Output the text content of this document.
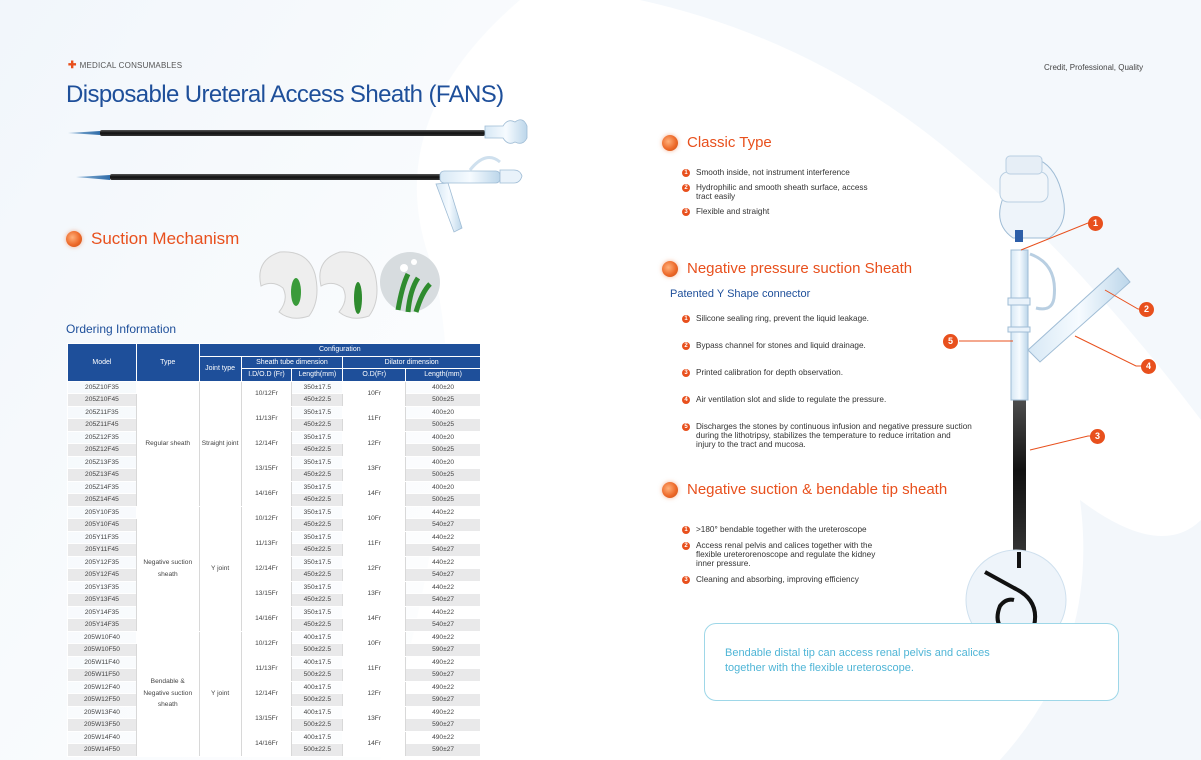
✚ MEDICAL CONSUMABLES
Disposable Ureteral Access Sheath (FANS)
Credit, Professional, Quality
Suction Mechanism
Ordering Information
Model	Type	Configuration				
		Joint type	Sheath tube dimension		Dilator dimension	
			I.D/O.D (Fr)	Length(mm)	O.D(Fr)	Length(mm)
205Z10F35	Regular sheath	Straight joint	10/12Fr	350±17.5	10Fr	400±20
205Z10F45				450±22.5		500±25
205Z11F35			11/13Fr	350±17.5	11Fr	400±20
205Z11F45				450±22.5		500±25
205Z12F35			12/14Fr	350±17.5	12Fr	400±20
205Z12F45				450±22.5		500±25
205Z13F35			13/15Fr	350±17.5	13Fr	400±20
205Z13F45				450±22.5		500±25
205Z14F35			14/16Fr	350±17.5	14Fr	400±20
205Z14F45				450±22.5		500±25
205Y10F35	Negative suction sheath	Y joint	10/12Fr	350±17.5	10Fr	440±22
205Y10F45				450±22.5		540±27
205Y11F35			11/13Fr	350±17.5	11Fr	440±22
205Y11F45				450±22.5		540±27
205Y12F35			12/14Fr	350±17.5	12Fr	440±22
205Y12F45				450±22.5		540±27
205Y13F35			13/15Fr	350±17.5	13Fr	440±22
205Y13F45				450±22.5		540±27
205Y14F35			14/16Fr	350±17.5	14Fr	440±22
205Y14F35				450±22.5		540±27
205W10F40	Bendable & Negative suction sheath	Y joint	10/12Fr	400±17.5	10Fr	490±22
205W10F50				500±22.5		590±27
205W11F40			11/13Fr	400±17.5	11Fr	490±22
205W11F50				500±22.5		590±27
205W12F40			12/14Fr	400±17.5	12Fr	490±22
205W12F50				500±22.5		590±27
205W13F40			13/15Fr	400±17.5	13Fr	490±22
205W13F50				500±22.5		590±27
205W14F40			14/16Fr	400±17.5	14Fr	490±22
205W14F50				500±22.5		590±27
Classic Type
1 Smooth inside, not instrument interference
2 Hydrophilic and smooth sheath surface, access tract easily
3 Flexible and straight
Negative pressure suction Sheath
Patented Y Shape connector
1 Silicone sealing ring, prevent the liquid leakage.
2 Bypass channel for stones and liquid drainage.
3 Printed calibration for depth observation.
4 Air ventilation slot and slide to regulate the pressure.
5 Discharges the stones by continuous infusion and negative pressure suction during the lithotripsy, stabilizes the temperature to reduce irritation and injury to the tract and mucosa.
Negative suction & bendable tip sheath
1 >180° bendable together with the ureteroscope
2 Access renal pelvis and calices together with the flexible ureterorenoscope and regulate the kidney inner pressure.
3 Cleaning and absorbing, improving efficiency
Bendable distal tip can access renal pelvis and calices together with the flexible ureteroscope.
1
2
3
4
5
